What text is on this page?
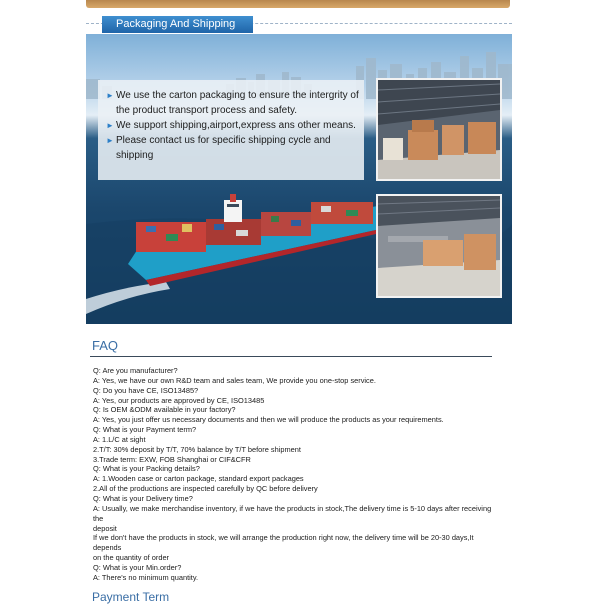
Packaging And Shipping
► We use the carton packaging to ensure the intergrity of
the product transport process and safety.
► We support shipping,airport,express ans other means.
► Please contact us for specific shipping cycle and
shipping
FAQ
Q: Are you manufacturer?
A: Yes, we have our own R&D team and sales team, We provide you one-stop service.
Q: Do you have CE, ISO13485?
A: Yes, our products are approved by CE, ISO13485
Q: Is OEM &ODM available in your factory?
A: Yes, you just offer us necessary documents and then we will produce the products as your requirements.
Q: What is your Payment term?
A: 1.L/C at sight
2.T/T: 30% deposit by T/T, 70% balance by T/T before shipment
3.Trade term: EXW, FOB Shanghai or CIF&CFR
Q: What is your Packing details?
A: 1.Wooden case or carton package, standard export packages
2.All of the productions are inspected carefully by QC before delivery
Q: What is your Delivery time?
A: Usually, we make merchandise inventory, if we have the products in stock,The delivery time is 5-10 days after receiving
the
deposit
If we don't have the products in stock, we will arrange the production right now, the delivery time will be 20-30 days,It
depends
on the quantity of order
Q: What is your Min.order?
A: There's no minimum quantity.
Payment Term
